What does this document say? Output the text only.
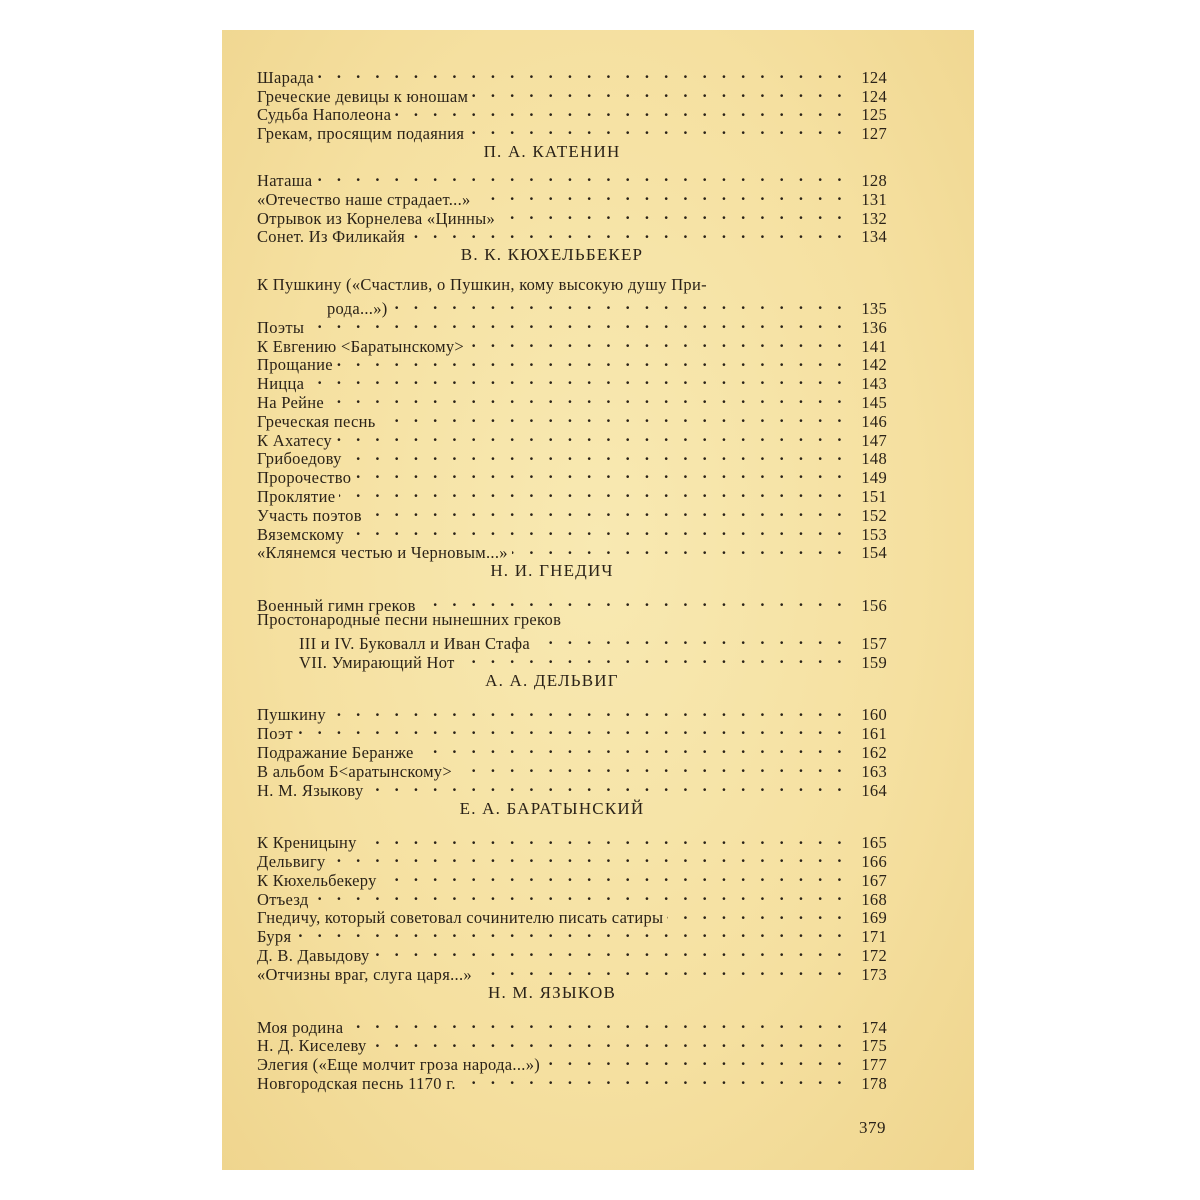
Шарада . . .	124
Греческие девицы к юношам . . .	124
Судьба Наполеона . . .	125
Грекам, просящим подаяния . . .	127
П. А. КАТЕНИН
Наташа . . .	128
«Отечество наше страдает...» . . .	131
Отрывок из Корнелева «Цинны» . . .	132
Сонет. Из Филикайя . . .	134
В. К. КЮХЕЛЬБЕКЕР
К Пушкину («Счастлив, о Пушкин, кому высокую душу При-
рода...») . . .	135
Поэты . . .	136
К Евгению <Баратынскому> . . .	141
Прощание . . .	142
Ницца . . .	143
На Рейне . . .	145
Греческая песнь . . .	146
К Ахатесу . . .	147
Грибоедову . . .	148
Пророчество . . .	149
Проклятие . . .	151
Участь поэтов . . .	152
Вяземскому . . .	153
«Клянемся честью и Черновым...» . . .	154
Н. И. ГНЕДИЧ
Военный гимн греков . . .	156
Простонародные песни нынешних греков
III и IV. Буковалл и Иван Стафа . . .	157
VII. Умирающий Нот . . .	159
А. А. ДЕЛЬВИГ
Пушкину . . .	160
Поэт . . .	161
Подражание Беранже . . .	162
В альбом Б<аратынскому> . . .	163
Н. М. Языкову . . .	164
Е. А. БАРАТЫНСКИЙ
К Креницыну . . .	165
Дельвигу . . .	166
К Кюхельбекеру . . .	167
Отъезд . . .	168
Гнедичу, который советовал сочинителю писать сатиры . . .	169
Буря . . .	171
Д. В. Давыдову . . .	172
«Отчизны враг, слуга царя...» . . .	173
Н. М. ЯЗЫКОВ
Моя родина . . .	174
Н. Д. Киселеву . . .	175
Элегия («Еще молчит гроза народа...») . . .	177
Новгородская песнь 1170 г. . . .	178
379
